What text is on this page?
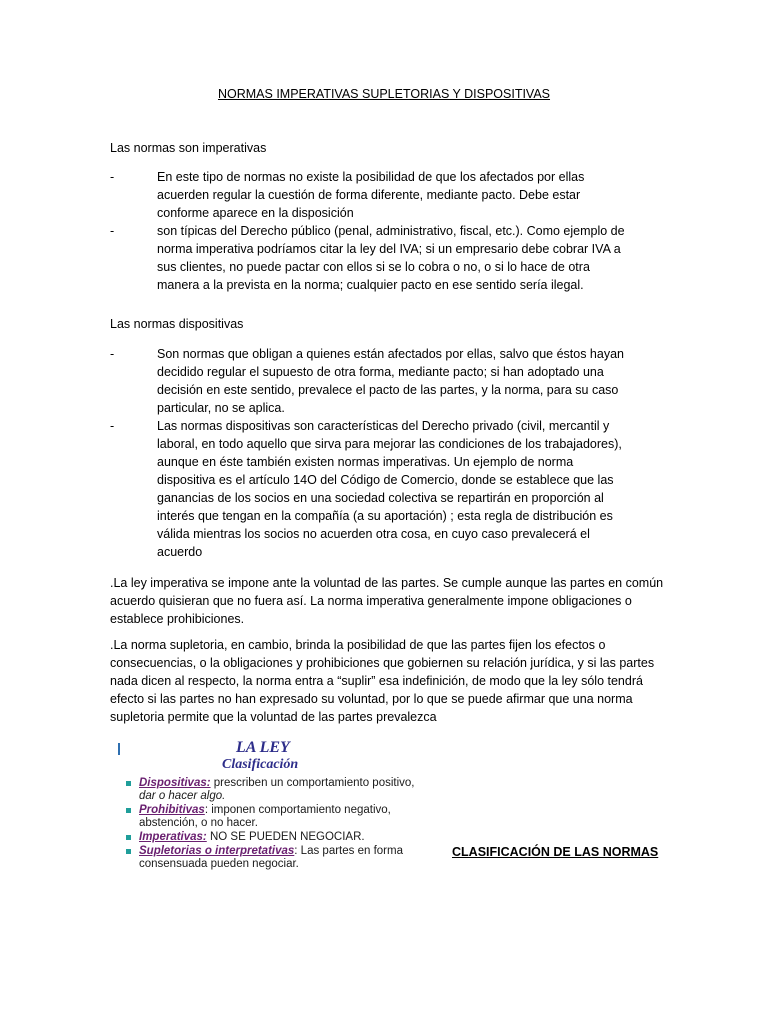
NORMAS IMPERATIVAS SUPLETORIAS Y DISPOSITIVAS
Las normas son imperativas
-	En este tipo de normas no existe la posibilidad de que los afectados por ellas acuerden regular la cuestión de forma diferente, mediante pacto. Debe estar conforme aparece en la disposición
-	son típicas del Derecho público (penal, administrativo, fiscal, etc.). Como ejemplo de norma imperativa podríamos citar la ley del IVA; si un empresario debe cobrar IVA a sus clientes, no puede pactar con ellos si se lo cobra o no, o si lo hace de otra manera a la prevista en la norma; cualquier pacto en ese sentido sería ilegal.
Las normas dispositivas
-	Son normas que obligan a quienes están afectados por ellas, salvo que éstos hayan decidido regular el supuesto de otra forma, mediante pacto; si han adoptado una decisión en este sentido, prevalece el pacto de las partes, y la norma, para su caso particular, no se aplica.
-	Las normas dispositivas son características del Derecho privado (civil, mercantil y laboral, en todo aquello que sirva para mejorar las condiciones de los trabajadores), aunque en éste también existen normas imperativas. Un ejemplo de norma dispositiva es el artículo 14O del Código de Comercio, donde se establece que las ganancias de los socios en una sociedad colectiva se repartirán en proporción al interés que tengan en la compañía (a su aportación) ; esta regla de distribución es válida mientras los socios no acuerden otra cosa, en cuyo caso prevalecerá el acuerdo

.La ley imperativa se impone ante la voluntad de las partes. Se cumple aunque las partes en común acuerdo quisieran que no fuera así. La norma imperativa generalmente impone obligaciones o establece prohibiciones.

.La norma supletoria, en cambio, brinda la posibilidad de que las partes fijen los efectos o consecuencias, o la obligaciones y prohibiciones que gobiernen su relación jurídica, y si las partes nada dicen al respecto, la norma entra a “suplir” esa indefinición, de modo que la ley sólo tendrá efecto si las partes no han expresado su voluntad, por lo que se puede afirmar que una norma supletoria permite que la voluntad de las partes prevalezca

LA LEY
Clasificación
Dispositivas: prescriben un comportamiento positivo, dar o hacer algo.
Prohibitivas: imponen comportamiento negativo, abstención, o no hacer.
Imperativas: NO SE PUEDEN NEGOCIAR.
Supletorias o interpretativas: Las partes en forma consensuada pueden negociar.
CLASIFICACIÓN DE LAS NORMAS
